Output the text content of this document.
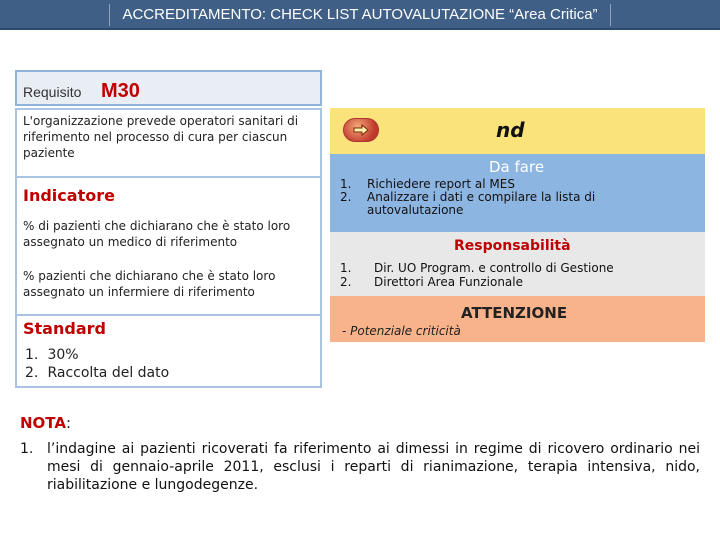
ACCREDITAMENTO: CHECK LIST AUTOVALUTAZIONE “Area Critica”
Requisito M30
L'organizzazione prevede operatori sanitari di riferimento nel processo di cura per ciascun paziente
Indicatore
% di pazienti che dichiarano che è stato loro assegnato un medico di riferimento
% pazienti che dichiarano che è stato loro assegnato un infermiere di riferimento
Standard
1. 30%
2. Raccolta del dato
nd
Da fare
1. Richiedere report al MES
2. Analizzare i dati e compilare la lista di autovalutazione
Responsabilità
1. Dir. UO Program. e controllo di Gestione
2. Direttori Area Funzionale
ATTENZIONE
- Potenziale criticità
NOTA:
1. l’indagine ai pazienti ricoverati fa riferimento ai dimessi in regime di ricovero ordinario nei mesi di gennaio-aprile 2011, esclusi i reparti di rianimazione, terapia intensiva, nido, riabilitazione e lungodegenze.
